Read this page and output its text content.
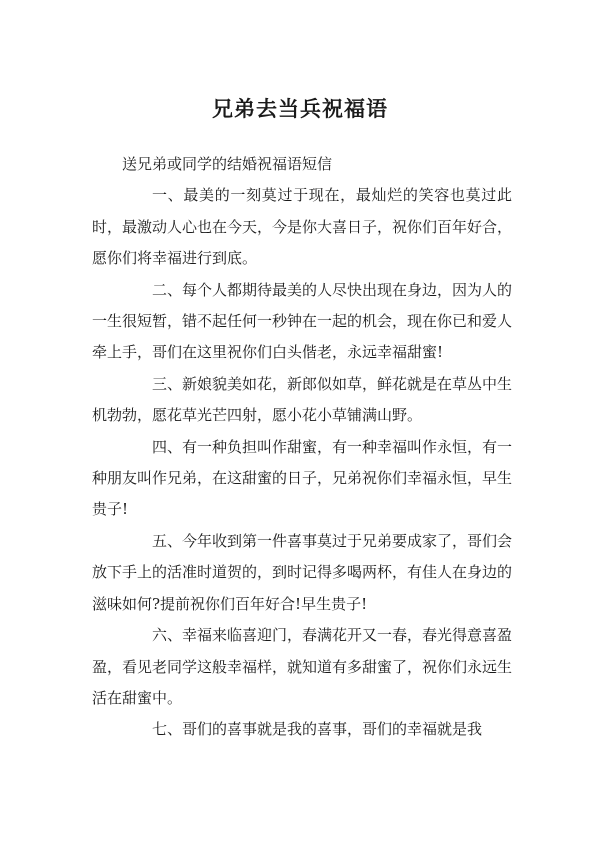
兄弟去当兵祝福语

送兄弟或同学的结婚祝福语短信

一、最美的一刻莫过于现在，最灿烂的笑容也莫过此时，最激动人心也在今天，今是你大喜日子，祝你们百年好合，愿你们将幸福进行到底。

二、每个人都期待最美的人尽快出现在身边，因为人的一生很短暂，错不起任何一秒钟在一起的机会，现在你已和爱人牵上手，哥们在这里祝你们白头偕老，永远幸福甜蜜!

三、新娘貌美如花，新郎似如草，鲜花就是在草丛中生机勃勃，愿花草光芒四射，愿小花小草铺满山野。

四、有一种负担叫作甜蜜，有一种幸福叫作永恒，有一种朋友叫作兄弟，在这甜蜜的日子，兄弟祝你们幸福永恒，早生贵子!

五、今年收到第一件喜事莫过于兄弟要成家了，哥们会放下手上的活准时道贺的，到时记得多喝两杯，有佳人在身边的滋味如何?提前祝你们百年好合!早生贵子!

六、幸福来临喜迎门，春满花开又一春，春光得意喜盈盈，看见老同学这般幸福样，就知道有多甜蜜了，祝你们永远生活在甜蜜中。

七、哥们的喜事就是我的喜事，哥们的幸福就是我
